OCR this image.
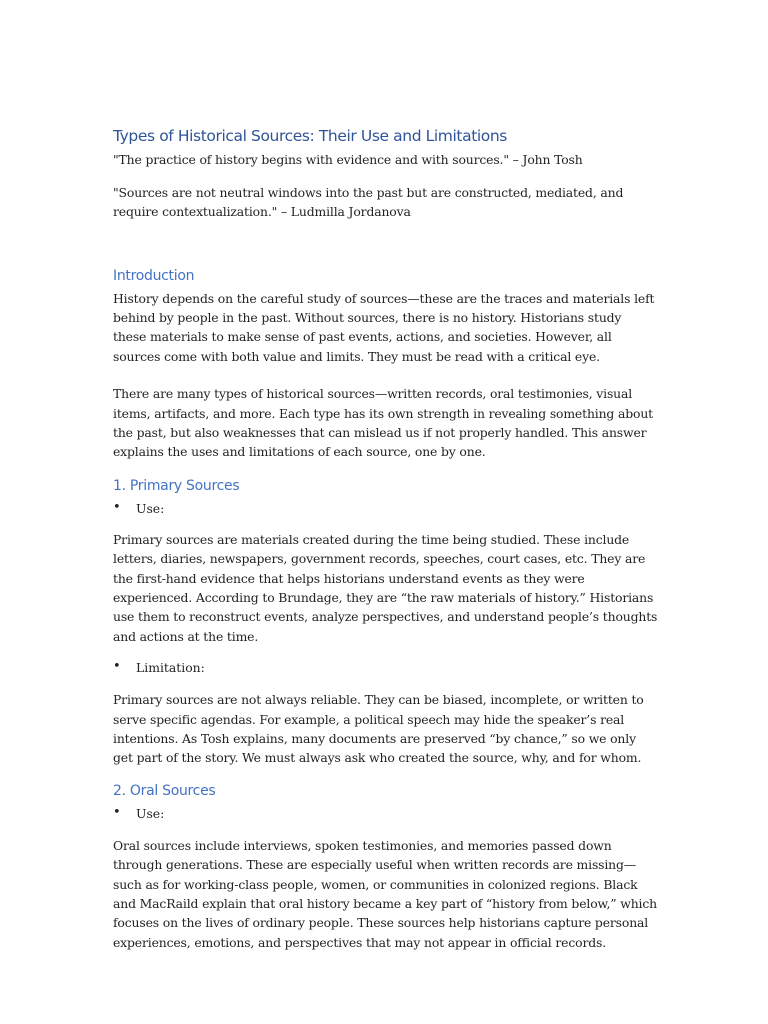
Types of Historical Sources: Their Use and Limitations

"The practice of history begins with evidence and with sources." – John Tosh

"Sources are not neutral windows into the past but are constructed, mediated, and require contextualization." – Ludmilla Jordanova

Introduction

History depends on the careful study of sources—these are the traces and materials left behind by people in the past. Without sources, there is no history. Historians study these materials to make sense of past events, actions, and societies. However, all sources come with both value and limits. They must be read with a critical eye.

There are many types of historical sources—written records, oral testimonies, visual items, artifacts, and more. Each type has its own strength in revealing something about the past, but also weaknesses that can mislead us if not properly handled. This answer explains the uses and limitations of each source, one by one.

1. Primary Sources
• Use:

Primary sources are materials created during the time being studied. These include letters, diaries, newspapers, government records, speeches, court cases, etc. They are the first-hand evidence that helps historians understand events as they were experienced. According to Brundage, they are “the raw materials of history.” Historians use them to reconstruct events, analyze perspectives, and understand people’s thoughts and actions at the time.

• Limitation:

Primary sources are not always reliable. They can be biased, incomplete, or written to serve specific agendas. For example, a political speech may hide the speaker’s real intentions. As Tosh explains, many documents are preserved “by chance,” so we only get part of the story. We must always ask who created the source, why, and for whom.

2. Oral Sources
• Use:

Oral sources include interviews, spoken testimonies, and memories passed down through generations. These are especially useful when written records are missing—such as for working-class people, women, or communities in colonized regions. Black and MacRaild explain that oral history became a key part of “history from below,” which focuses on the lives of ordinary people. These sources help historians capture personal experiences, emotions, and perspectives that may not appear in official records.
